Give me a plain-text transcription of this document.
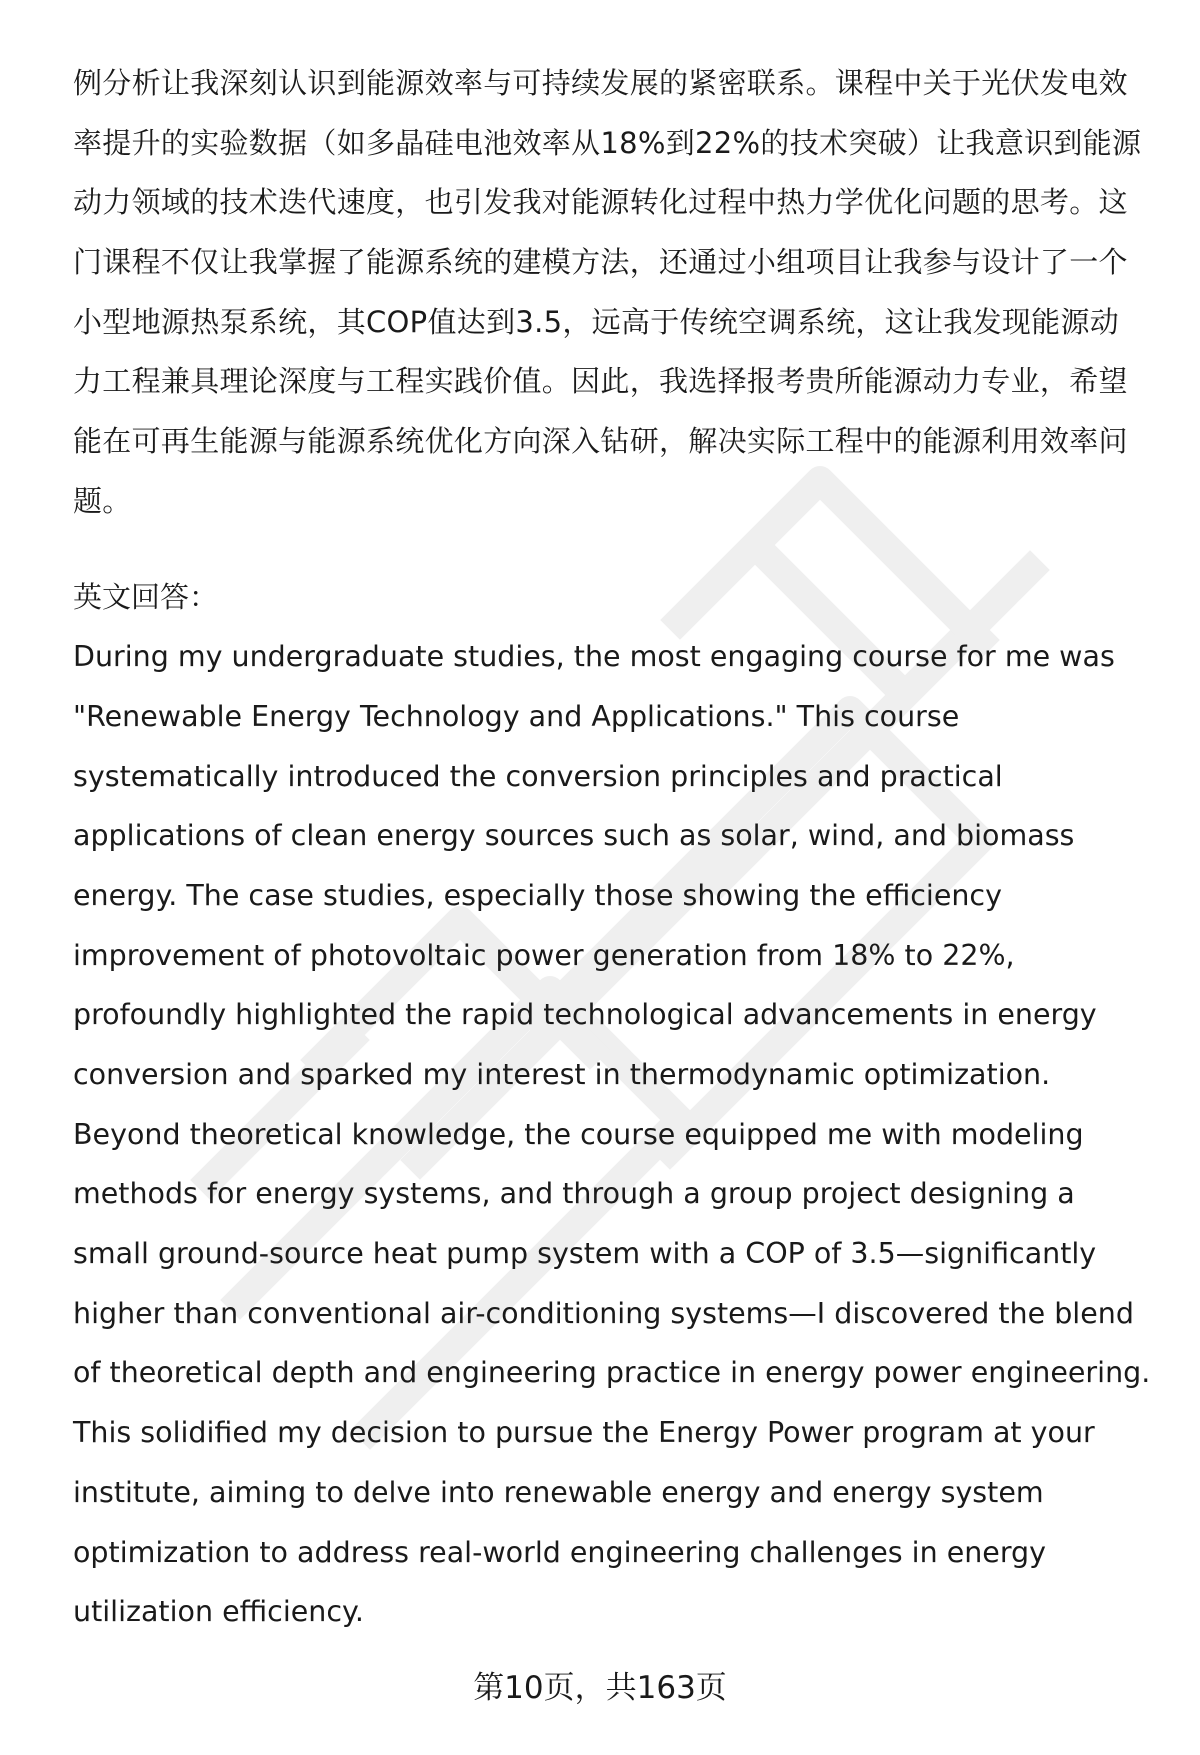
例分析让我深刻认识到能源效率与可持续发展的紧密联系。课程中关于光伏发电效
率提升的实验数据（如多晶硅电池效率从18%到22%的技术突破）让我意识到能源
动力领域的技术迭代速度，也引发我对能源转化过程中热力学优化问题的思考。这
门课程不仅让我掌握了能源系统的建模方法，还通过小组项目让我参与设计了一个
小型地源热泵系统，其COP值达到3.5，远高于传统空调系统，这让我发现能源动
力工程兼具理论深度与工程实践价值。因此，我选择报考贵所能源动力专业，希望
能在可再生能源与能源系统优化方向深入钻研，解决实际工程中的能源利用效率问
题。
英文回答：
During my undergraduate studies, the most engaging course for me was
"Renewable Energy Technology and Applications." This course
systematically introduced the conversion principles and practical
applications of clean energy sources such as solar, wind, and biomass
energy. The case studies, especially those showing the efficiency
improvement of photovoltaic power generation from 18% to 22%,
profoundly highlighted the rapid technological advancements in energy
conversion and sparked my interest in thermodynamic optimization.
Beyond theoretical knowledge, the course equipped me with modeling
methods for energy systems, and through a group project designing a
small ground-source heat pump system with a COP of 3.5—significantly
higher than conventional air-conditioning systems—I discovered the blend
of theoretical depth and engineering practice in energy power engineering.
This solidified my decision to pursue the Energy Power program at your
institute, aiming to delve into renewable energy and energy system
optimization to address real-world engineering challenges in energy
utilization efficiency.
第10页，共163页
